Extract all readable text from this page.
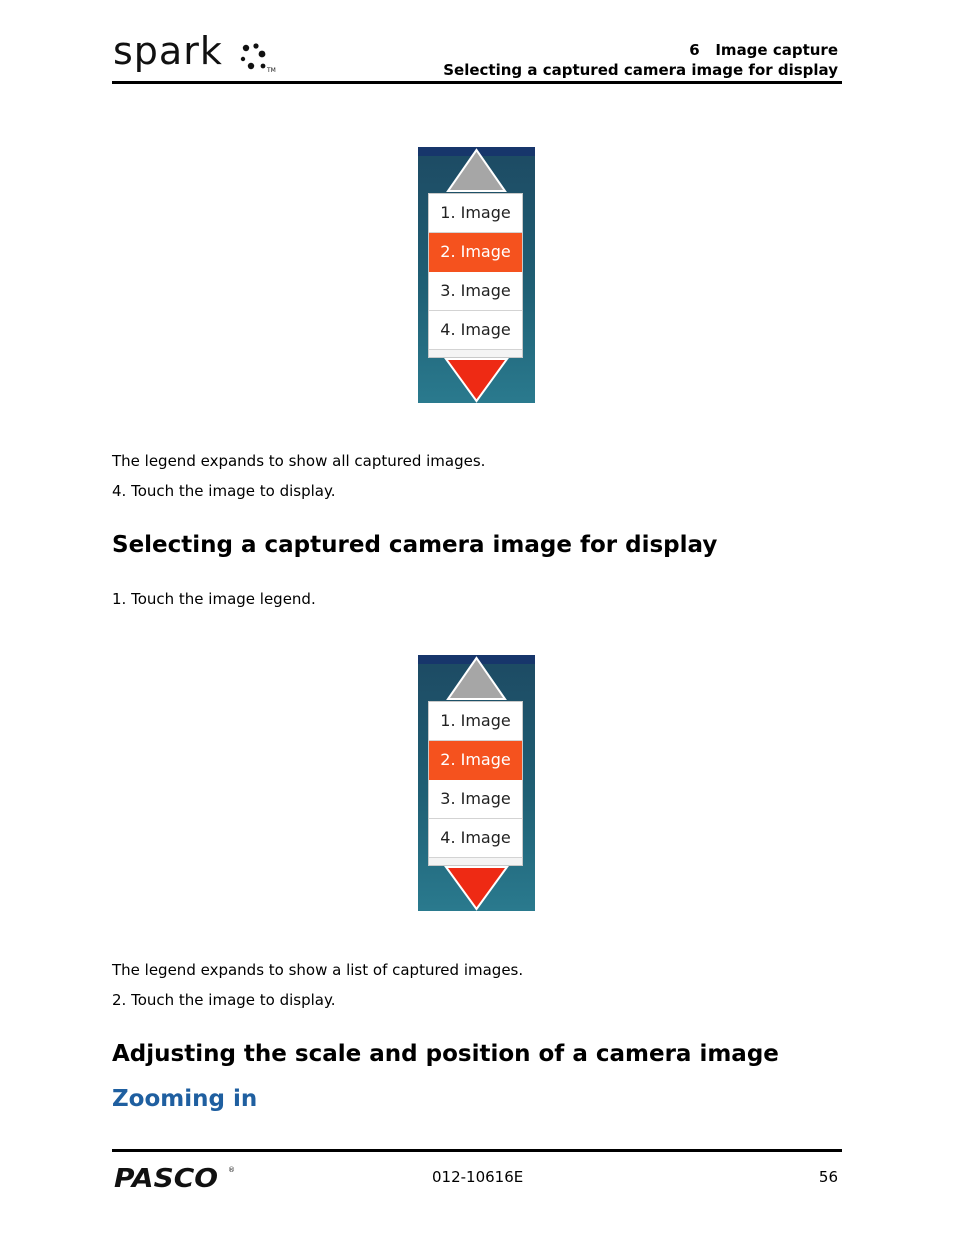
spark	TM
6   Image capture
Selecting a captured camera image for display
1. Image
2. Image
3. Image
4. Image
The legend expands to show all captured images.
4. Touch the image to display.
Selecting a captured camera image for display
1. Touch the image legend.
1. Image
2. Image
3. Image
4. Image
The legend expands to show a list of captured images.
2. Touch the image to display.
Adjusting the scale and position of a camera image
Zooming in
PASCO ®	012-10616E	56
